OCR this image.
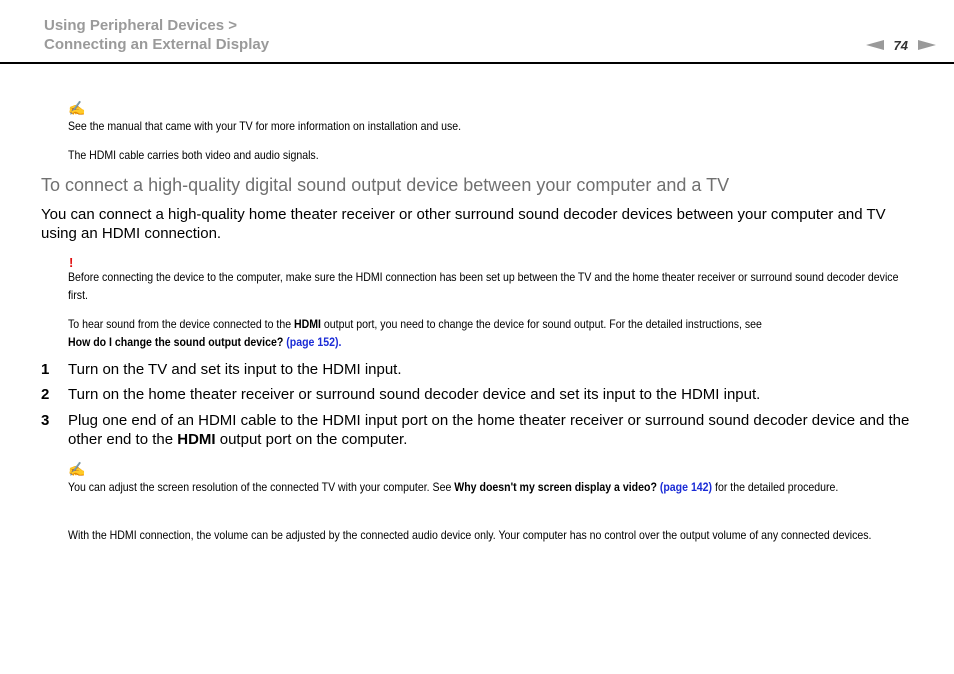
Using Peripheral Devices >
Connecting an External Display	74
✍
See the manual that came with your TV for more information on installation and use.
The HDMI cable carries both video and audio signals.
To connect a high-quality digital sound output device between your computer and a TV
You can connect a high-quality home theater receiver or other surround sound decoder devices between your computer and TV using an HDMI connection.
!
Before connecting the device to the computer, make sure the HDMI connection has been set up between the TV and the home theater receiver or surround sound decoder device first.
To hear sound from the device connected to the HDMI output port, you need to change the device for sound output. For the detailed instructions, see
How do I change the sound output device? (page 152).
1 Turn on the TV and set its input to the HDMI input.
2 Turn on the home theater receiver or surround sound decoder device and set its input to the HDMI input.
3 Plug one end of an HDMI cable to the HDMI input port on the home theater receiver or surround sound decoder device and the other end to the HDMI output port on the computer.
✍
You can adjust the screen resolution of the connected TV with your computer. See Why doesn't my screen display a video? (page 142) for the detailed procedure.
With the HDMI connection, the volume can be adjusted by the connected audio device only. Your computer has no control over the output volume of any connected devices.
